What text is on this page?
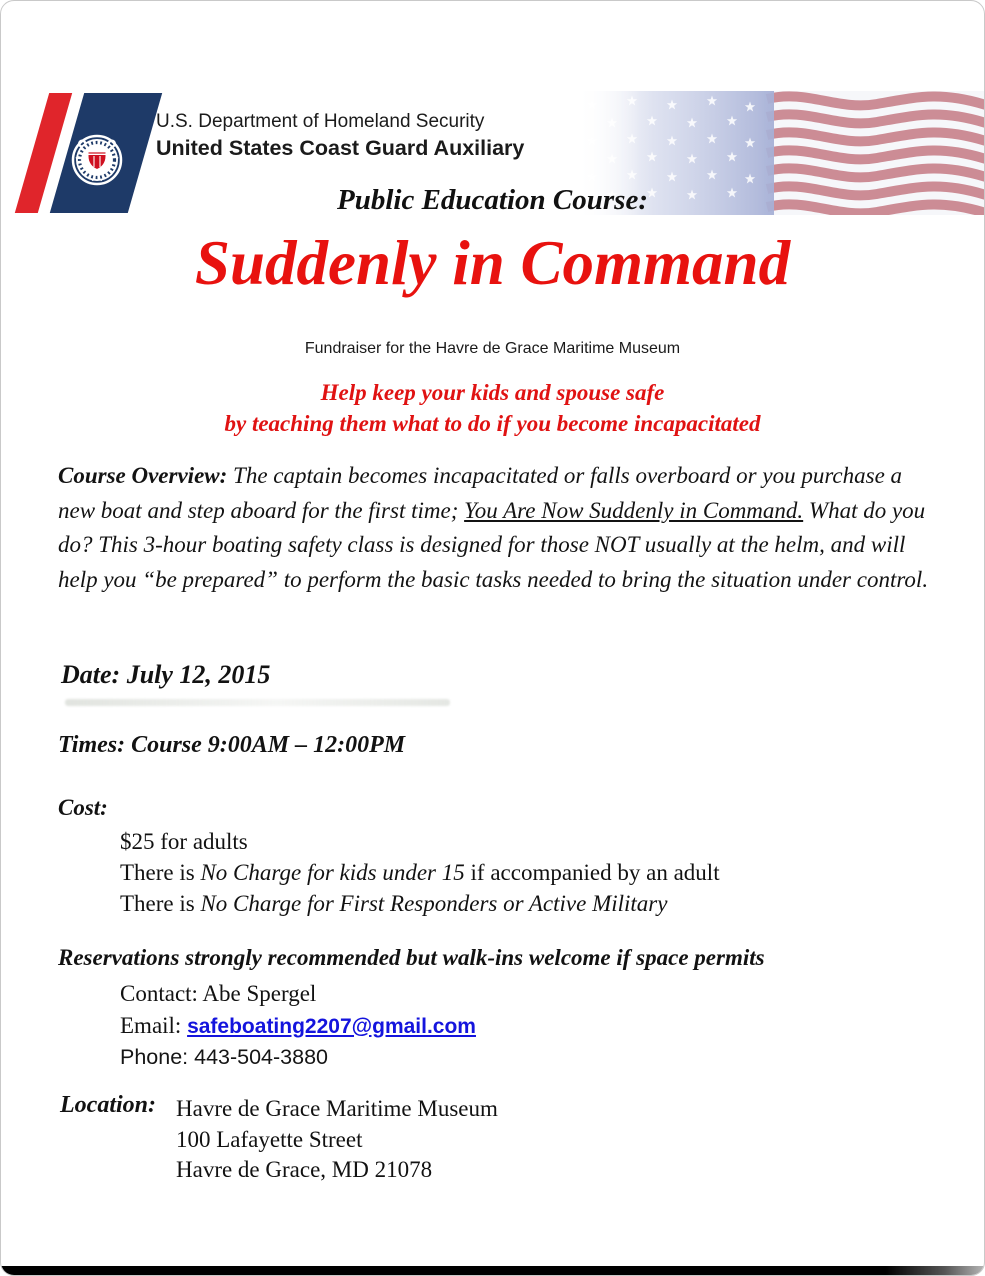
U.S. Department of Homeland Security
United States Coast Guard Auxiliary
Public Education Course:
Suddenly in Command
Fundraiser for the Havre de Grace Maritime Museum
Help keep your kids and spouse safe
by teaching them what to do if you become incapacitated
Course Overview: The captain becomes incapacitated or falls overboard or you purchase a new boat and step aboard for the first time; You Are Now Suddenly in Command. What do you do? This 3-hour boating safety class is designed for those NOT usually at the helm, and will help you “be prepared” to perform the basic tasks needed to bring the situation under control.
Date: July 12, 2015
Times: Course 9:00AM – 12:00PM
Cost:
$25 for adults
There is No Charge for kids under 15 if accompanied by an adult
There is No Charge for First Responders or Active Military
Reservations strongly recommended but walk-ins welcome if space permits
Contact: Abe Spergel
Email: safeboating2207@gmail.com
Phone: 443-504-3880
Location: Havre de Grace Maritime Museum
100 Lafayette Street
Havre de Grace, MD 21078
